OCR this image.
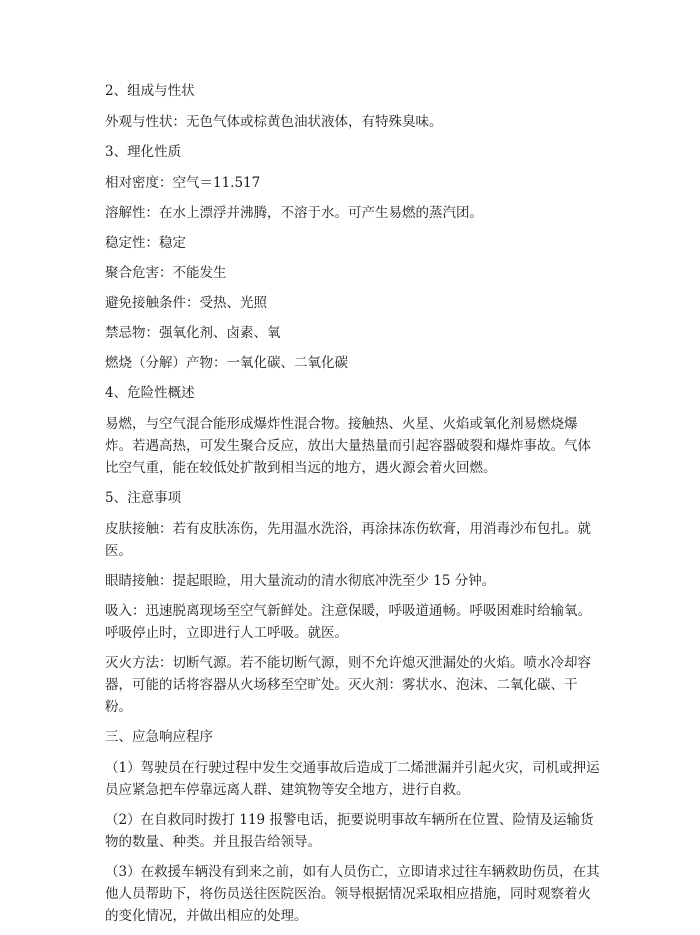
2、组成与性状

外观与性状：无色气体或棕黄色油状液体，有特殊臭味。

3、理化性质

相对密度：空气＝11.517

溶解性：在水上漂浮并沸腾，不溶于水。可产生易燃的蒸汽团。

稳定性：稳定

聚合危害：不能发生

避免接触条件：受热、光照

禁忌物：强氧化剂、卤素、氧

燃烧（分解）产物：一氧化碳、二氧化碳

4、危险性概述

易燃，与空气混合能形成爆炸性混合物。接触热、火星、火焰或氧化剂易燃烧爆炸。若遇高热，可发生聚合反应，放出大量热量而引起容器破裂和爆炸事故。气体比空气重，能在较低处扩散到相当远的地方，遇火源会着火回燃。

5、注意事项

皮肤接触：若有皮肤冻伤，先用温水洗浴，再涂抹冻伤软膏，用消毒沙布包扎。就医。

眼睛接触：提起眼睑，用大量流动的清水彻底冲洗至少 15 分钟。

吸入：迅速脱离现场至空气新鲜处。注意保暖，呼吸道通畅。呼吸困难时给输氧。呼吸停止时，立即进行人工呼吸。就医。

灭火方法：切断气源。若不能切断气源，则不允许熄灭泄漏处的火焰。喷水冷却容器，可能的话将容器从火场移至空旷处。灭火剂：雾状水、泡沫、二氧化碳、干粉。

三、应急响应程序

（1）驾驶员在行驶过程中发生交通事故后造成丁二烯泄漏并引起火灾，司机或押运员应紧急把车停靠远离人群、建筑物等安全地方，进行自救。

（2）在自救同时拨打 119 报警电话，扼要说明事故车辆所在位置、险情及运输货物的数量、种类。并且报告给领导。

（3）在救援车辆没有到来之前，如有人员伤亡，立即请求过往车辆救助伤员，在其他人员帮助下，将伤员送往医院医治。领导根据情况采取相应措施，同时观察着火的变化情况，并做出相应的处理。
